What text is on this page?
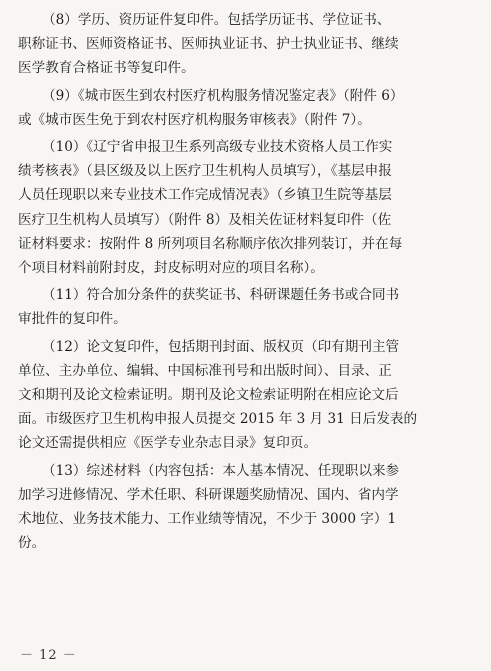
（8）学历、资历证件复印件。包括学历证书、学位证书、
职称证书、医师资格证书、医师执业证书、护士执业证书、继续
医学教育合格证书等复印件。
（9）《城市医生到农村医疗机构服务情况鉴定表》（附件 6）
或《城市医生免于到农村医疗机构服务审核表》（附件 7）。
（10）《辽宁省申报卫生系列高级专业技术资格人员工作实
绩考核表》（县区级及以上医疗卫生机构人员填写），《基层申报
人员任现职以来专业技术工作完成情况表》（乡镇卫生院等基层
医疗卫生机构人员填写）（附件 8）及相关佐证材料复印件（佐
证材料要求：按附件 8 所列项目名称顺序依次排列装订，并在每
个项目材料前附封皮，封皮标明对应的项目名称）。
（11）符合加分条件的获奖证书、科研课题任务书或合同书
审批件的复印件。
（12）论文复印件，包括期刊封面、版权页（印有期刊主管
单位、主办单位、编辑、中国标准刊号和出版时间）、目录、正
文和期刊及论文检索证明。期刊及论文检索证明附在相应论文后
面。市级医疗卫生机构申报人员提交 2015 年 3 月 31 日后发表的
论文还需提供相应《医学专业杂志目录》复印页。
（13）综述材料（内容包括：本人基本情况、任现职以来参
加学习进修情况、学术任职、科研课题奖励情况、国内、省内学
术地位、业务技术能力、工作业绩等情况，不少于 3000 字）1
份。
－ 12 －
